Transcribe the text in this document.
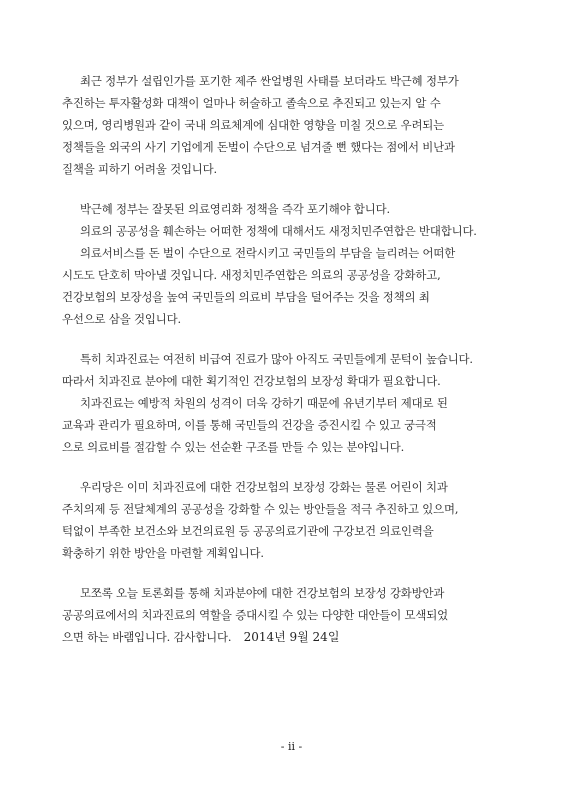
최근 정부가 설립인가를 포기한 제주 싼얼병원 사태를 보더라도 박근혜 정부가
추진하는 투자활성화 대책이 얼마나 허술하고 졸속으로 추진되고 있는지 알 수
있으며, 영리병원과 같이 국내 의료체계에 심대한 영향을 미칠 것으로 우려되는
정책들을 외국의 사기 기업에게 돈벌이 수단으로 넘겨줄 뻔 했다는 점에서 비난과
질책을 피하기 어려울 것입니다.

박근혜 정부는 잘못된 의료영리화 정책을 즉각 포기해야 합니다.
의료의 공공성을 훼손하는 어떠한 정책에 대해서도 새정치민주연합은 반대합니다.
의료서비스를 돈 벌이 수단으로 전락시키고 국민들의 부담을 늘리려는 어떠한
시도도 단호히 막아낼 것입니다. 새정치민주연합은 의료의 공공성을 강화하고,
건강보험의 보장성을 높여 국민들의 의료비 부담을 덜어주는 것을 정책의 최
우선으로 삼을 것입니다.

특히 치과진료는 여전히 비급여 진료가 많아 아직도 국민들에게 문턱이 높습니다.
따라서 치과진료 분야에 대한 획기적인 건강보험의 보장성 확대가 필요합니다.
치과진료는 예방적 차원의 성격이 더욱 강하기 때문에 유년기부터 제대로 된
교육과 관리가 필요하며, 이를 통해 국민들의 건강을 증진시킬 수 있고 궁극적
으로 의료비를 절감할 수 있는 선순환 구조를 만들 수 있는 분야입니다.

우리당은 이미 치과진료에 대한 건강보험의 보장성 강화는 물론 어린이 치과
주치의제 등 전달체계의 공공성을 강화할 수 있는 방안들을 적극 추진하고 있으며,
턱없이 부족한 보건소와 보건의료원 등 공공의료기관에 구강보건 의료인력을
확충하기 위한 방안을 마련할 계획입니다.

모쪼록 오늘 토론회를 통해 치과분야에 대한 건강보험의 보장성 강화방안과
공공의료에서의 치과진료의 역할을 증대시킬 수 있는 다양한 대안들이 모색되었
으면 하는 바램입니다. 감사합니다.	2014년 9월 24일
- ii -
